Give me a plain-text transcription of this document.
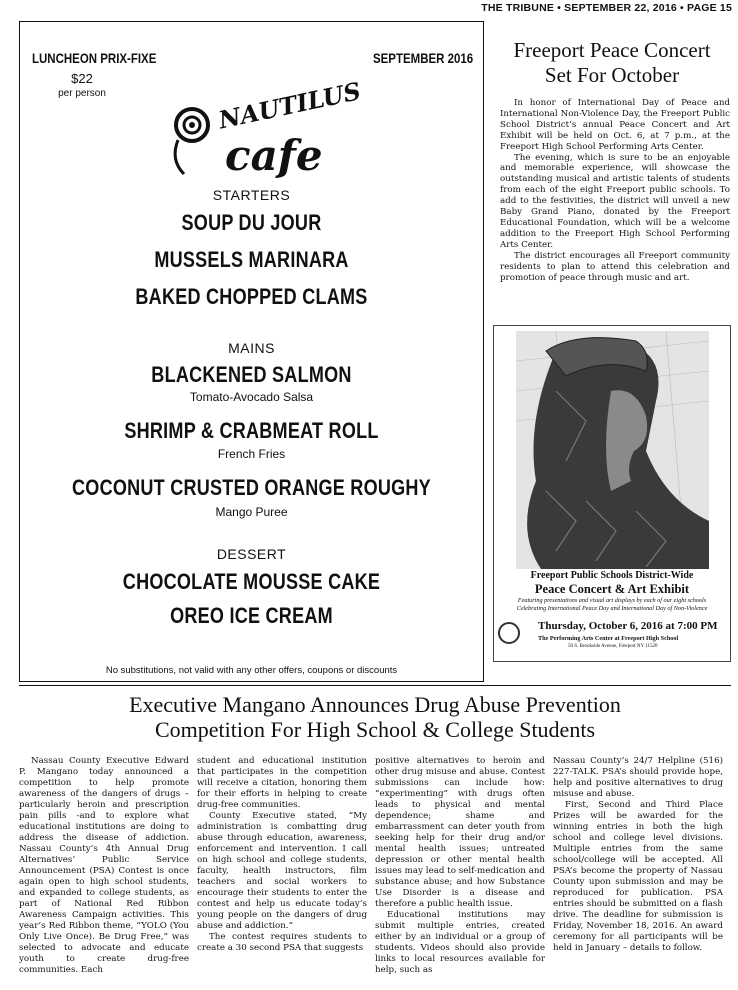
THE TRIBUNE • SEPTEMBER 22, 2016 • PAGE 15
LUNCHEON PRIX-FIXE	SEPTEMBER 2016
$22
per person	NAUTILUS
cafe
STARTERS
SOUP DU JOUR
MUSSELS MARINARA
BAKED CHOPPED CLAMS
MAINS
BLACKENED SALMON
Tomato-Avocado Salsa
SHRIMP & CRABMEAT ROLL
French Fries
COCONUT CRUSTED ORANGE ROUGHY
Mango Puree
DESSERT
CHOCOLATE MOUSSE CAKE
OREO ICE CREAM
No substitutions, not valid with any other offers, coupons or discounts
Freeport Peace Concert
Set For October

In honor of International Day of Peace and International Non-Violence Day, the Freeport Public School District’s annual Peace Concert and Art Exhibit will be held on Oct. 6, at 7 p.m., at the Freeport High School Performing Arts Center.

The evening, which is sure to be an enjoyable and memorable experience, will showcase the outstanding musical and artistic talents of students from each of the eight Freeport public schools. To add to the festivities, the district will unveil a new Baby Grand Piano, donated by the Freeport Educational Foundation, which will be a welcome addition to the Freeport High School Performing Arts Center.

The district encourages all Freeport community residents to plan to attend this celebration and promotion of peace through music and art.

Freeport Public Schools District-Wide
Peace Concert & Art Exhibit
Featuring presentations and visual art displays by each of our eight schools
Celebrating International Peace Day and International Day of Non-Violence
Thursday, October 6, 2016 at 7:00 PM
The Performing Arts Center at Freeport High School
50 S. Brookside Avenue, Freeport NY 11520
Executive Mangano Announces Drug Abuse Prevention
Competition For High School & College Students

Nassau County Executive Edward P. Mangano today announced a competition to help promote awareness of the dangers of drugs – particularly heroin and prescription pain pills -and to explore what educational institutions are doing to address the disease of addiction. Nassau County’s 4th Annual Drug Alternatives’ Public Service Announcement (PSA) Contest is once again open to high school students, and expanded to college students, as part of National Red Ribbon Awareness Campaign activities. This year’s Red Ribbon theme, “YOLO (You Only Live Once). Be Drug Free,” was selected to advocate and educate youth to create drug-free communities. Each

student and educational institution that participates in the competition will receive a citation, honoring them for their efforts in helping to create drug-free communities.

County Executive stated, “My administration is combatting drug abuse through education, awareness, enforcement and intervention. I call on high school and college students, faculty, health instructors, film teachers and social workers to encourage their students to enter the contest and help us educate today’s young people on the dangers of drug abuse and addiction.”

The contest requires students to create a 30 second PSA that suggests

positive alternatives to heroin and other drug misuse and abuse. Contest submissions can include how: “experimenting” with drugs often leads to physical and mental dependence; shame and embarrassment can deter youth from seeking help for their drug and/or mental health issues; untreated depression or other mental health issues may lead to self-medication and substance abuse; and how Substance Use Disorder is a disease and therefore a public health issue.

Educational institutions may submit multiple entries, created either by an individual or a group of students. Videos should also provide links to local resources available for help, such as

Nassau County’s 24/7 Helpline (516) 227-TALK. PSA’s should provide hope, help and positive alternatives to drug misuse and abuse.

First, Second and Third Place Prizes will be awarded for the winning entries in both the high school and college level divisions. Multiple entries from the same school/college will be accepted. All PSA’s become the property of Nassau County upon submission and may be reproduced for publication. PSA entries should be submitted on a flash drive. The deadline for submission is Friday, November 18, 2016. An award ceremony for all participants will be held in January – details to follow.
